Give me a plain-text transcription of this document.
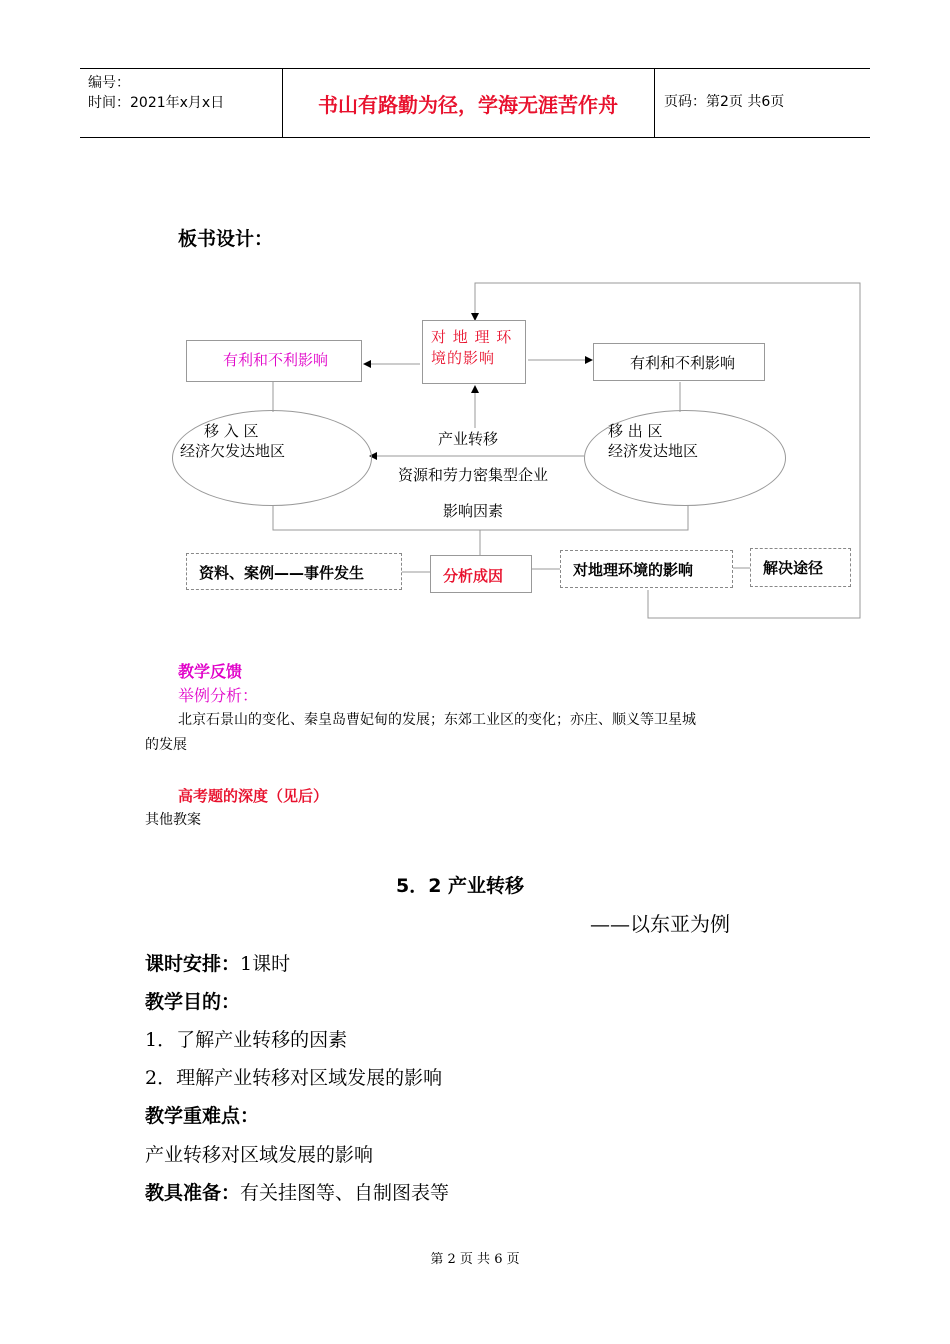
编号：
时间：2021年x月x日	书山有路勤为径，学海无涯苦作舟	页码：第2页 共6页
板书设计：
对 地 理 环 境的影响
有利和不利影响	有利和不利影响
移 入 区
经济欠发达地区
移 出 区
经济发达地区
产业转移
资源和劳力密集型企业
影响因素
资料、案例——事件发生	分析成因	对地理环境的影响	解决途径
教学反馈
举例分析：
北京石景山的变化、秦皇岛曹妃甸的发展；东郊工业区的变化；亦庄、顺义等卫星城
的发展
高考题的深度（见后）
其他教案
5．2 产业转移
——以东亚为例
课时安排：1课时
教学目的：
1．了解产业转移的因素
2．理解产业转移对区域发展的影响
教学重难点：
产业转移对区域发展的影响
教具准备：有关挂图等、自制图表等
第 2 页 共 6 页
